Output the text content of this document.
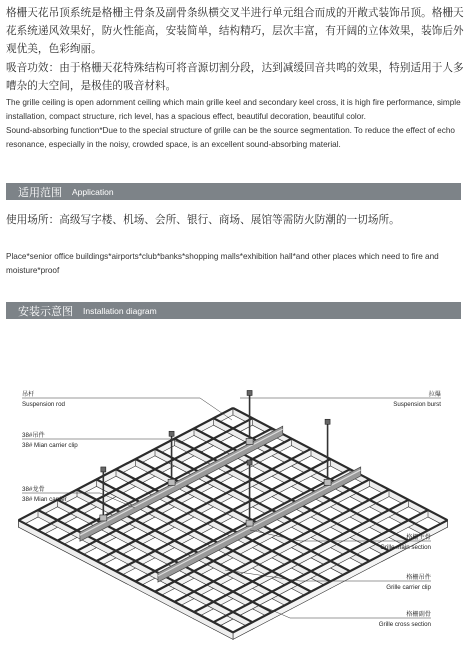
格栅天花吊顶系统是格栅主骨条及副骨条纵横交叉半进行单元组合而成的开敞式装饰吊顶。格栅天花系统递风效果好，防火性能高，安装简单，结构精巧，层次丰富，有开阔的立体效果，装饰后外观优美，色彩绚丽。
吸音功效：由于格栅天花特殊结构可将音源切割分段，达到减缓回音共鸣的效果，特别适用于人多嘈杂的大空间，是极佳的吸音材料。
The grille ceiling is open adornment ceiling which main grille keel and secondary keel cross, it is high fire performance, simple installation, compact structure, rich level, has a spacious effect, beautiful decoration, beautiful color.
Sound-absorbing function*Due to the special structure of grille can be the source segmentation. To reduce the effect of echo resonance, especially in the noisy, crowded space, is an excellent sound-absorbing material.
适用范围 Application
使用场所：高级写字楼、机场、会所、银行、商场、展馆等需防火防潮的一切场所。
Place*senior office buildings*airports*club*banks*shopping malls*exhibition hall*and other places which need to fire and moisture*proof
安装示意图 Installation diagram
吊杆
Suspension rod
38#吊件
38# Mian carrier clip
38#龙骨
38# Mian carrier
拉爆
Suspension burst
格栅主骨
Grille main section
格栅吊件
Grille carrier clip
格栅副骨
Grille cross section
